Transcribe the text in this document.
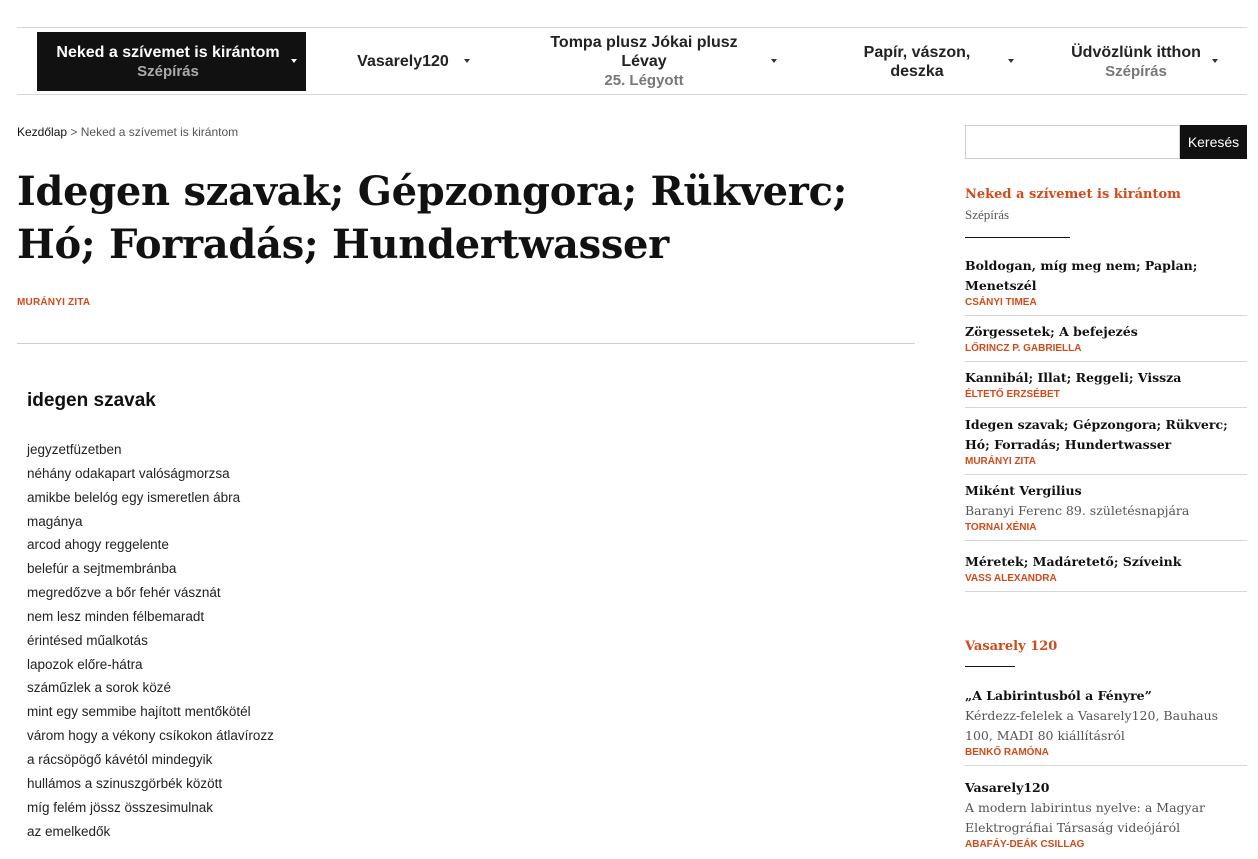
Neked a szívemet is kirántom
Szépírás
Vasarely120
Tompa plusz Jókai plusz Lévay
25. Légyott
Papír, vászon, deszka
Üdvözlünk itthon
Szépírás
Kezdőlap > Neked a szívemet is kirántom
Idegen szavak; Gépzongora; Rükverc; Hó; Forradás; Hundertwasser
MURÁNYI ZITA
idegen szavak
jegyzetfüzetben
néhány odakapart valóságmorzsa
amikbe belelóg egy ismeretlen ábra
magánya
arcod ahogy reggelente
belefúr a sejtmembránba
megredőzve a bőr fehér vásznát
nem lesz minden félbemaradt
érintésed műalkotás
lapozok előre-hátra
száműzlek a sorok közé
mint egy semmibe hajított mentőkötél
várom hogy a vékony csíkokon átlavírozz
a rácsöpögő kávétól mindegyik
hullámos a szinuszgörbék között
míg felém jössz összesimulnak
az emelkedők
Keresés
Neked a szívemet is kirántom
Szépírás
Boldogan, míg meg nem; Paplan; Menetszél
CSÁNYI TIMEA
Zörgessetek; A befejezés
LŐRINCZ P. GABRIELLA
Kannibál; Illat; Reggeli; Vissza
ÉLTETŐ ERZSÉBET
Idegen szavak; Gépzongora; Rükverc; Hó; Forradás; Hundertwasser
MURÁNYI ZITA
Miként Vergilius
Baranyi Ferenc 89. születésnapjára
TORNAI XÉNIA
Méretek; Madáretető; Szíveink
VASS ALEXANDRA
Vasarely 120
„A Labirintusból a Fényre”
Kérdezz-felelek a Vasarely120, Bauhaus 100, MADI 80 kiállításról
BENKŐ RAMÓNA
Vasarely120
A modern labirintus nyelve: a Magyar Elektrográfiai Társaság videójáról
ABAFÁY-DEÁK CSILLAG
